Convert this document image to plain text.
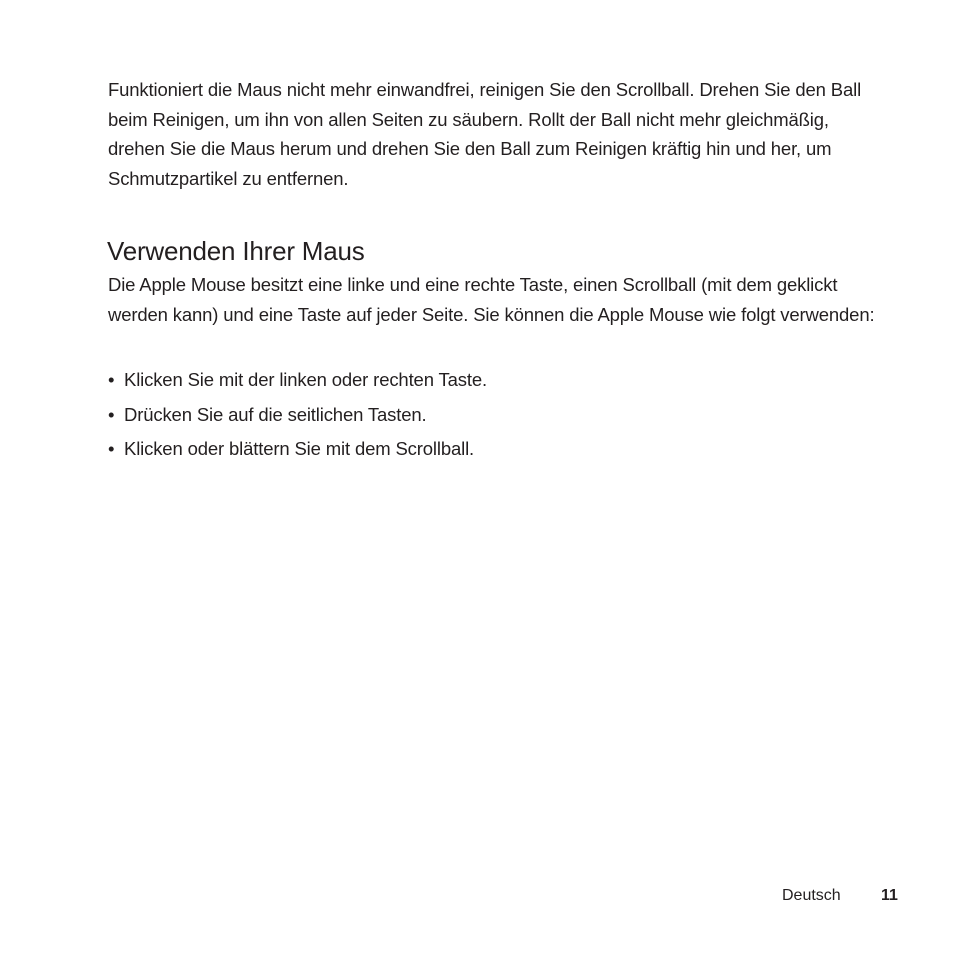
Funktioniert die Maus nicht mehr einwandfrei, reinigen Sie den Scrollball. Drehen Sie den Ball beim Reinigen, um ihn von allen Seiten zu säubern. Rollt der Ball nicht mehr gleichmäßig, drehen Sie die Maus herum und drehen Sie den Ball zum Reinigen kräftig hin und her, um Schmutzpartikel zu entfernen.

Verwenden Ihrer Maus

Die Apple Mouse besitzt eine linke und eine rechte Taste, einen Scrollball (mit dem geklickt werden kann) und eine Taste auf jeder Seite. Sie können die Apple Mouse wie folgt verwenden:

• Klicken Sie mit der linken oder rechten Taste.
• Drücken Sie auf die seitlichen Tasten.
• Klicken oder blättern Sie mit dem Scrollball.
Deutsch	11
